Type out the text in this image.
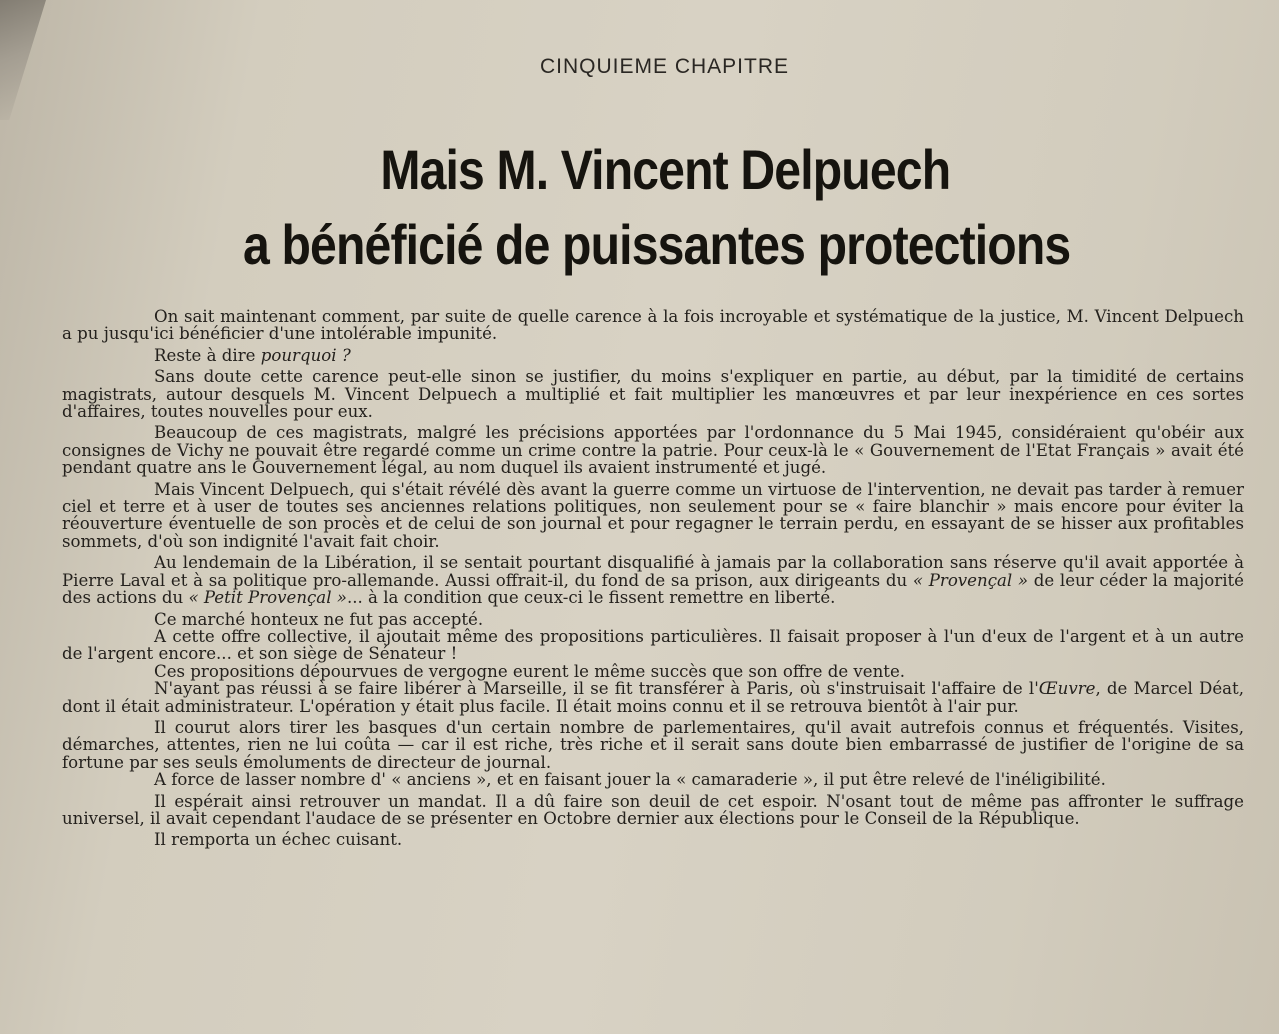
CINQUIEME CHAPITRE
Mais M. Vincent Delpuech
a bénéficié de puissantes protections

On sait maintenant comment, par suite de quelle carence à la fois incroyable et systématique de la justice, M. Vincent Delpuech a pu jusqu'ici bénéficier d'une intolérable impunité.

Reste à dire pourquoi ?

Sans doute cette carence peut-elle sinon se justifier, du moins s'expliquer en partie, au début, par la timidité de certains magistrats, autour desquels M. Vincent Delpuech a multiplié et fait multiplier les manœuvres et par leur inexpérience en ces sortes d'affaires, toutes nouvelles pour eux.

Beaucoup de ces magistrats, malgré les précisions apportées par l'ordonnance du 5 Mai 1945, considéraient qu'obéir aux consignes de Vichy ne pouvait être regardé comme un crime contre la patrie. Pour ceux-là le « Gouvernement de l'Etat Français » avait été pendant quatre ans le Gouvernement légal, au nom duquel ils avaient instrumenté et jugé.

Mais Vincent Delpuech, qui s'était révélé dès avant la guerre comme un virtuose de l'intervention, ne devait pas tarder à remuer ciel et terre et à user de toutes ses anciennes relations politiques, non seulement pour se « faire blanchir » mais encore pour éviter la réouverture éventuelle de son procès et de celui de son journal et pour regagner le terrain perdu, en essayant de se hisser aux profitables sommets, d'où son indignité l'avait fait choir.

Au lendemain de la Libération, il se sentait pourtant disqualifié à jamais par la collaboration sans réserve qu'il avait apportée à Pierre Laval et à sa politique pro-allemande. Aussi offrait-il, du fond de sa prison, aux dirigeants du « Provençal » de leur céder la majorité des actions du « Petit Provençal »... à la condition que ceux-ci le fissent remettre en liberté.

Ce marché honteux ne fut pas accepté.

A cette offre collective, il ajoutait même des propositions particulières. Il faisait proposer à l'un d'eux de l'argent et à un autre de l'argent encore... et son siège de Sénateur !

Ces propositions dépourvues de vergogne eurent le même succès que son offre de vente.

N'ayant pas réussi à se faire libérer à Marseille, il se fit transférer à Paris, où s'instruisait l'affaire de l'Œuvre, de Marcel Déat, dont il était administrateur. L'opération y était plus facile. Il était moins connu et il se retrouva bientôt à l'air pur.

Il courut alors tirer les basques d'un certain nombre de parlementaires, qu'il avait autrefois connus et fréquentés. Visites, démarches, attentes, rien ne lui coûta — car il est riche, très riche et il serait sans doute bien embarrassé de justifier de l'origine de sa fortune par ses seuls émoluments de directeur de journal.

A force de lasser nombre d' « anciens », et en faisant jouer la « camaraderie », il put être relevé de l'inéligibilité.

Il espérait ainsi retrouver un mandat. Il a dû faire son deuil de cet espoir. N'osant tout de même pas affronter le suffrage universel, il avait cependant l'audace de se présenter en Octobre dernier aux élections pour le Conseil de la République.

Il remporta un échec cuisant.
